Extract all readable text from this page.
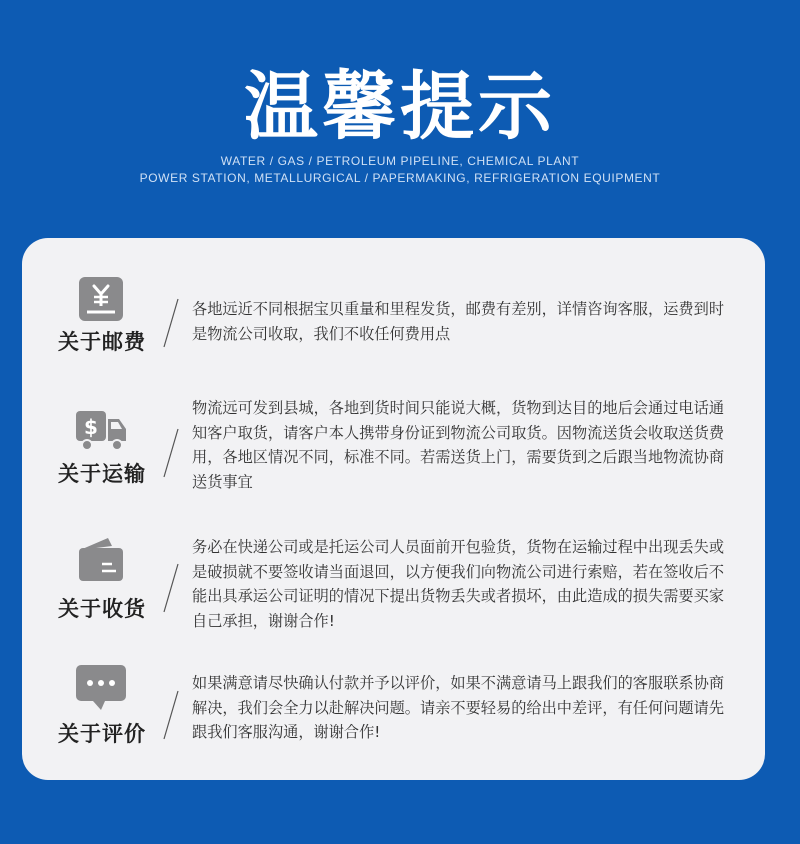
温馨提示
WATER / GAS / PETROLEUM PIPELINE, CHEMICAL PLANT
POWER STATION, METALLURGICAL / PAPERMAKING, REFRIGERATION EQUIPMENT
关于邮费
各地远近不同根据宝贝重量和里程发货，邮费有差别，详情咨询客服，运费到时是物流公司收取，我们不收任何费用点
$
关于运输
物流远可发到县城，各地到货时间只能说大概，货物到达目的地后会通过电话通知客户取货，请客户本人携带身份证到物流公司取货。因物流送货会收取送货费用，各地区情况不同，标准不同。若需送货上门，需要货到之后跟当地物流协商送货事宜
关于收货
务必在快递公司或是托运公司人员面前开包验货，货物在运输过程中出现丢失或是破损就不要签收请当面退回，以方便我们向物流公司进行索赔，若在签收后不能出具承运公司证明的情况下提出货物丢失或者损坏，由此造成的损失需要买家自己承担，谢谢合作!
关于评价
如果满意请尽快确认付款并予以评价，如果不满意请马上跟我们的客服联系协商解决，我们会全力以赴解决问题。请亲不要轻易的给出中差评，有任何问题请先跟我们客服沟通，谢谢合作!
